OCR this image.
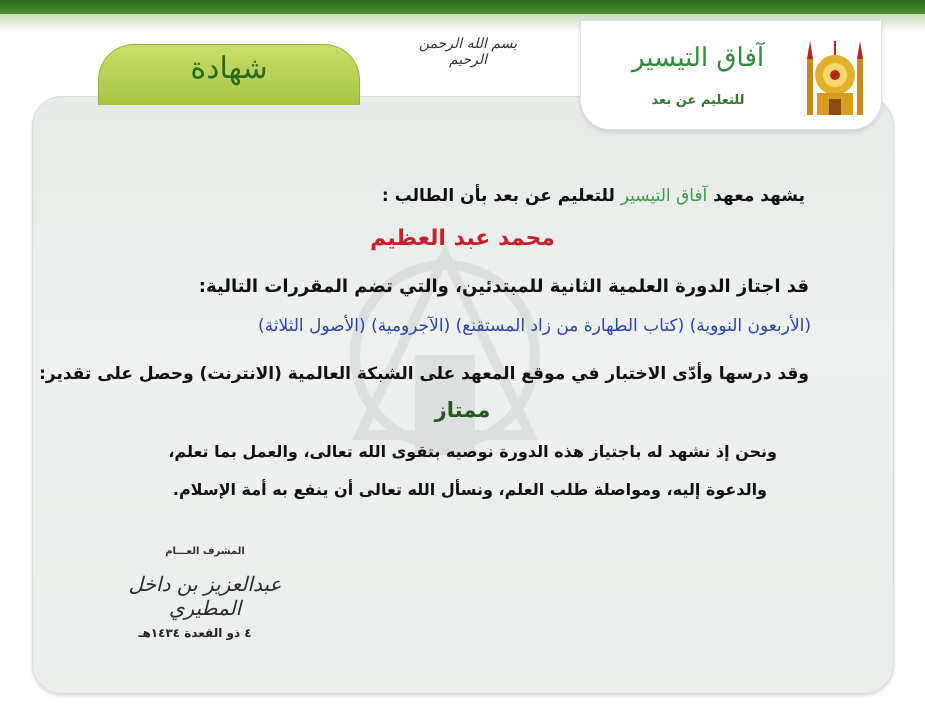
شهادة
بسم الله الرحمن الرحيم	آفاق التيسير
للتعليم عن بعد
يشهد معهد آفاق التيسير للتعليم عن بعد بأن الطالب :
محمد عبد العظيم
قد اجتاز الدورة العلمية الثانية للمبتدئين، والتي تضم المقررات التالية:
(الأربعون النووية) (كتاب الطهارة من زاد المستقنع) (الآجرومية) (الأصول الثلاثة)
وقد درسها وأدّى الاختبار في موقع المعهد على الشبكة العالمية (الانترنت) وحصل على تقدير:
ممتاز
ونحن إذ نشهد له باجتياز هذه الدورة نوصيه بتقوى الله تعالى، والعمل بما تعلم،
والدعوة إليه، ومواصلة طلب العلم، ونسأل الله تعالى أن ينفع به أمة الإسلام.
المشرف العـــام
عبدالعزيز بن داخل المطيري
٤ ذو القعدة ١٤٣٤هـ
